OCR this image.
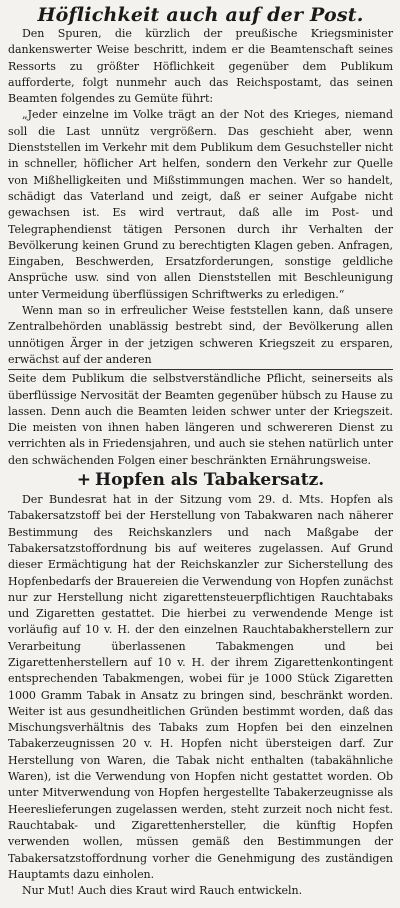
Höflichkeit auch auf der Post.

Den Spuren, die kürzlich der preußische Kriegsminister dankenswerter Weise beschritt, indem er die Beamtenschaft seines Ressorts zu größter Höflichkeit gegenüber dem Publikum aufforderte, folgt nunmehr auch das Reichspostamt, das seinen Beamten folgendes zu Gemüte führt:

„Jeder einzelne im Volke trägt an der Not des Krieges, niemand soll die Last unnütz vergrößern. Das geschieht aber, wenn Dienststellen im Verkehr mit dem Publikum dem Gesuchsteller nicht in schneller, höflicher Art helfen, sondern den Verkehr zur Quelle von Mißhelligkeiten und Mißstimmungen machen. Wer so handelt, schädigt das Vaterland und zeigt, daß er seiner Aufgabe nicht gewachsen ist. Es wird vertraut, daß alle im Post- und Telegraphendienst tätigen Personen durch ihr Verhalten der Bevölkerung keinen Grund zu berechtigten Klagen geben. Anfragen, Eingaben, Beschwerden, Ersatzforderungen, sonstige geldliche Ansprüche usw. sind von allen Dienststellen mit Beschleunigung unter Vermeidung überflüssigen Schriftwerks zu erledigen.“

Wenn man so in erfreulicher Weise feststellen kann, daß unsere Zentralbehörden unablässig bestrebt sind, der Bevölkerung allen unnötigen Ärger in der jetzigen schweren Kriegszeit zu ersparen, erwächst auf der anderen

Seite dem Publikum die selbstverständliche Pflicht, seinerseits als überflüssige Nervosität der Beamten gegenüber hübsch zu Hause zu lassen. Denn auch die Beamten leiden schwer unter der Kriegszeit. Die meisten von ihnen haben längeren und schwereren Dienst zu verrichten als in Friedensjahren, und auch sie stehen natürlich unter den schwächenden Folgen einer beschränkten Ernährungsweise.

+ Hopfen als Tabakersatz.

Der Bundesrat hat in der Sitzung vom 29. d. Mts. Hopfen als Tabakersatzstoff bei der Herstellung von Tabakwaren nach näherer Bestimmung des Reichskanzlers und nach Maßgabe der Tabakersatzstoffordnung bis auf weiteres zugelassen. Auf Grund dieser Ermächtigung hat der Reichskanzler zur Sicherstellung des Hopfenbedarfs der Brauereien die Verwendung von Hopfen zunächst nur zur Herstellung nicht zigarettensteuerpflichtigen Rauchtabaks und Zigaretten gestattet. Die hierbei zu verwendende Menge ist vorläufig auf 10 v. H. der den einzelnen Rauchtabakherstellern zur Verarbeitung überlassenen Tabakmengen und bei Zigarettenherstellern auf 10 v. H. der ihrem Zigarettenkontingent entsprechenden Tabakmengen, wobei für je 1000 Stück Zigaretten 1000 Gramm Tabak in Ansatz zu bringen sind, beschränkt worden. Weiter ist aus gesundheitlichen Gründen bestimmt worden, daß das Mischungsverhältnis des Tabaks zum Hopfen bei den einzelnen Tabakerzeugnissen 20 v. H. Hopfen nicht übersteigen darf. Zur Herstellung von Waren, die Tabak nicht enthalten (tabakähnliche Waren), ist die Verwendung von Hopfen nicht gestattet worden. Ob unter Mitverwendung von Hopfen hergestellte Tabakerzeugnisse als Heereslieferungen zugelassen werden, steht zurzeit noch nicht fest. Rauchtabak- und Zigarettenhersteller, die künftig Hopfen verwenden wollen, müssen gemäß den Bestimmungen der Tabakersatzstoffordnung vorher die Genehmigung des zuständigen Hauptamts dazu einholen.

Nur Mut! Auch dies Kraut wird Rauch entwickeln.
